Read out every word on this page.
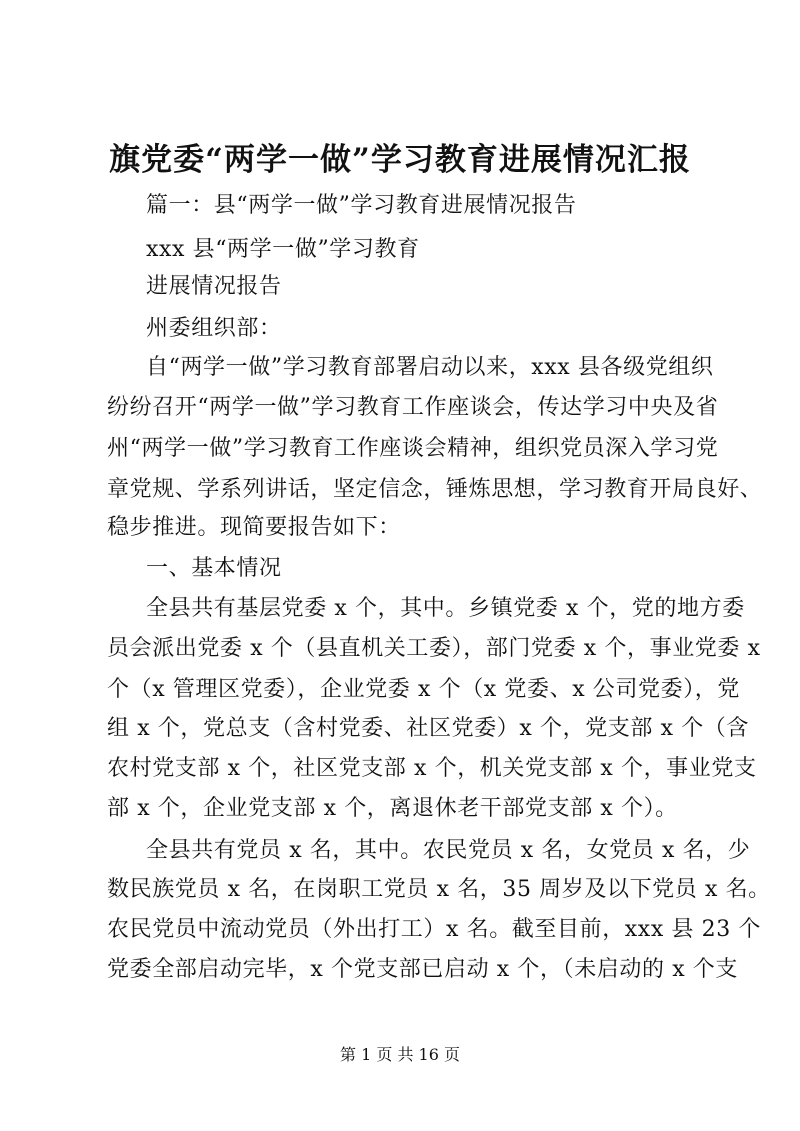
旗党委“两学一做”学习教育进展情况汇报
篇一：县“两学一做”学习教育进展情况报告
xxx 县“两学一做”学习教育
进展情况报告
州委组织部：
自“两学一做”学习教育部署启动以来，xxx 县各级党组织
纷纷召开“两学一做”学习教育工作座谈会，传达学习中央及省
州“两学一做”学习教育工作座谈会精神，组织党员深入学习党
章党规、学系列讲话，坚定信念，锤炼思想，学习教育开局良好、
稳步推进。现简要报告如下：
一、基本情况
全县共有基层党委 x 个，其中。乡镇党委 x 个，党的地方委
员会派出党委 x 个（县直机关工委），部门党委 x 个，事业党委 x
个（x 管理区党委），企业党委 x 个（x 党委、x 公司党委），党
组 x 个，党总支（含村党委、社区党委）x 个，党支部 x 个（含
农村党支部 x 个，社区党支部 x 个，机关党支部 x 个，事业党支
部 x 个，企业党支部 x 个，离退休老干部党支部 x 个）。
全县共有党员 x 名，其中。农民党员 x 名，女党员 x 名，少
数民族党员 x 名，在岗职工党员 x 名，35 周岁及以下党员 x 名。
农民党员中流动党员（外出打工）x 名。截至目前，xxx 县 23 个
党委全部启动完毕，x 个党支部已启动 x 个，（未启动的 x 个支
第 1 页 共 16 页
